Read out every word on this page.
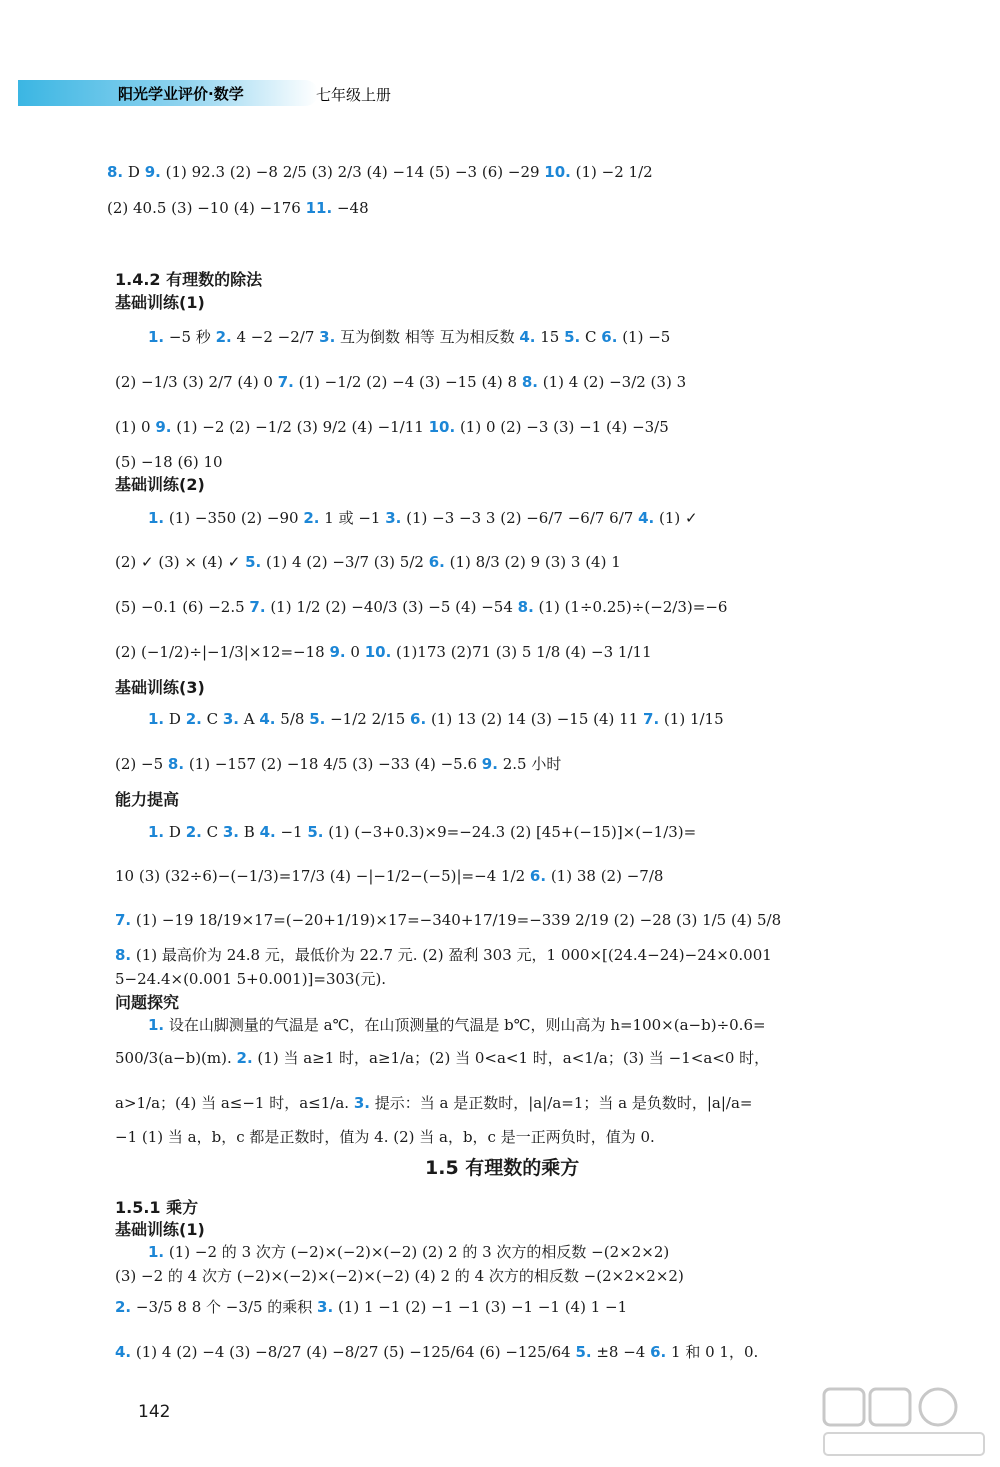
阳光学业评价·数学	七年级上册
8. D 9. (1) 92.3 (2) −8 2/5 (3) 2/3 (4) −14 (5) −3 (6) −29 10. (1) −2 1/2
(2) 40.5 (3) −10 (4) −176 11. −48
1.4.2 有理数的除法
基础训练(1)
1. −5 秒 2. 4 −2 −2/7 3. 互为倒数 相等 互为相反数 4. 15 5. C 6. (1) −5
(2) −1/3 (3) 2/7 (4) 0 7. (1) −1/2 (2) −4 (3) −15 (4) 8 8. (1) 4 (2) −3/2 (3) 3
(1) 0 9. (1) −2 (2) −1/2 (3) 9/2 (4) −1/11 10. (1) 0 (2) −3 (3) −1 (4) −3/5
(5) −18 (6) 10
基础训练(2)
1. (1) −350 (2) −90 2. 1 或 −1 3. (1) −3 −3 3 (2) −6/7 −6/7 6/7 4. (1) ✓
(2) ✓ (3) × (4) ✓ 5. (1) 4 (2) −3/7 (3) 5/2 6. (1) 8/3 (2) 9 (3) 3 (4) 1
(5) −0.1 (6) −2.5 7. (1) 1/2 (2) −40/3 (3) −5 (4) −54 8. (1) (1÷0.25)÷(−2/3)=−6
(2) (−1/2)÷|−1/3|×12=−18 9. 0 10. (1)173 (2)71 (3) 5 1/8 (4) −3 1/11
基础训练(3)
1. D 2. C 3. A 4. 5/8 5. −1/2 2/15 6. (1) 13 (2) 14 (3) −15 (4) 11 7. (1) 1/15
(2) −5 8. (1) −157 (2) −18 4/5 (3) −33 (4) −5.6 9. 2.5 小时
能力提高
1. D 2. C 3. B 4. −1 5. (1) (−3+0.3)×9=−24.3 (2) [45+(−15)]×(−1/3)=
10 (3) (32÷6)−(−1/3)=17/3 (4) −|−1/2−(−5)|=−4 1/2 6. (1) 38 (2) −7/8
7. (1) −19 18/19×17=(−20+1/19)×17=−340+17/19=−339 2/19 (2) −28 (3) 1/5 (4) 5/8
8. (1) 最高价为 24.8 元，最低价为 22.7 元. (2) 盈利 303 元，1 000×[(24.4−24)−24×0.001
5−24.4×(0.001 5+0.001)]=303(元).
问题探究
1. 设在山脚测量的气温是 a℃，在山顶测量的气温是 b℃，则山高为 h=100×(a−b)÷0.6=
500/3(a−b)(m). 2. (1) 当 a≥1 时，a≥1/a；(2) 当 0<a<1 时，a<1/a；(3) 当 −1<a<0 时，
a>1/a；(4) 当 a≤−1 时，a≤1/a. 3. 提示：当 a 是正数时，|a|/a=1；当 a 是负数时，|a|/a=
−1 (1) 当 a，b，c 都是正数时，值为 4. (2) 当 a，b，c 是一正两负时，值为 0.
1.5 有理数的乘方
1.5.1 乘方
基础训练(1)
1. (1) −2 的 3 次方 (−2)×(−2)×(−2) (2) 2 的 3 次方的相反数 −(2×2×2)
(3) −2 的 4 次方 (−2)×(−2)×(−2)×(−2) (4) 2 的 4 次方的相反数 −(2×2×2×2)
2. −3/5 8 8 个 −3/5 的乘积 3. (1) 1 −1 (2) −1 −1 (3) −1 −1 (4) 1 −1
4. (1) 4 (2) −4 (3) −8/27 (4) −8/27 (5) −125/64 (6) −125/64 5. ±8 −4 6. 1 和 0 1，0.
142
